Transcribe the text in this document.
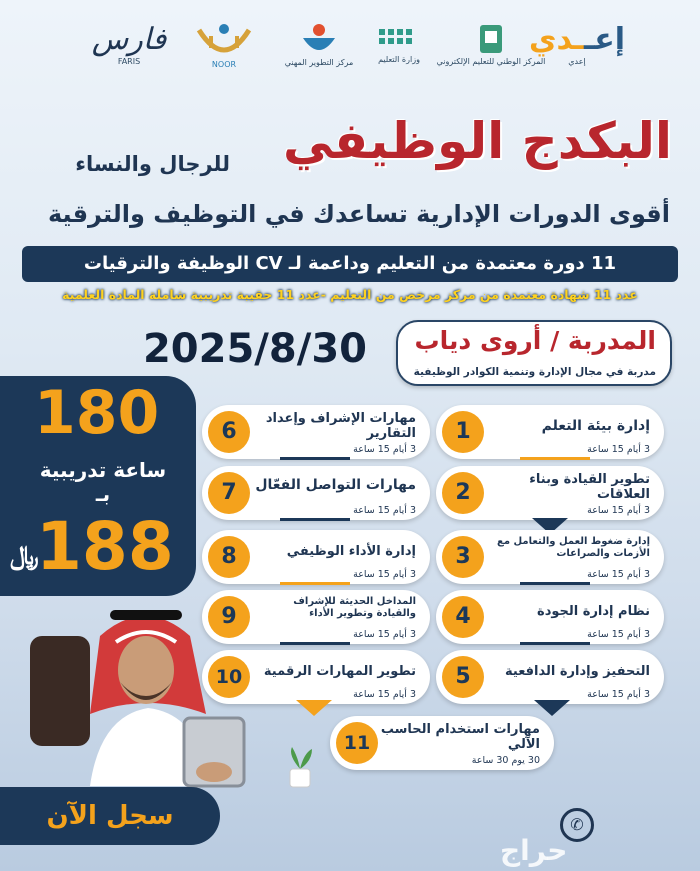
ﻓﺎﺭﺱ
FARIS	NOOR	مركز التطوير المهني	وزارة التعليم المركز الوطني للتعليم الإلكتروني
إعــدي
إعدي
البكدج الوظيفي
للرجال والنساء
أقوى الدورات الإدارية تساعدك في التوظيف والترقية
11 دورة معتمدة من التعليم وداعمة لـ CV الوظيفة والترقيات
عدد 11 شهادة معتمدة من مركز مرخص من التعليم -عدد 11 حقيبة تدريبية شاملة المادة العلمية
2025/8/30 المدربة / أروى دياب
مدربة في مجال الإدارة وتنمية الكوادر الوظيفية
180
ساعة تدريبية
بـ
188
﷼
1	إدارة بيئة التعلم
3 أيام 15 ساعة
2
تطوير القيادة وبناء العلاقات
3 أيام 15 ساعة
3
إدارة ضغوط العمل والتعامل مع الأزمات والصراعات
3 أيام 15 ساعة
4	نظام إدارة الجودة
3 أيام 15 ساعة
5	التحفيز وإدارة الدافعية
3 أيام 15 ساعة
6
مهارات الإشراف وإعداد التقارير
3 أيام 15 ساعة
7	مهارات التواصل الفعّال
3 أيام 15 ساعة
8	إدارة الأداء الوظيفي
3 أيام 15 ساعة
9
المداخل الحديثة للإشراف والقيادة وتطوير الأداء
3 أيام 15 ساعة
10	تطوير المهارات الرقمية
3 أيام 15 ساعة
11
مهارات استخدام الحاسب الآلي
30 يوم 30 ساعة
سجل الآن	✆
حراج
